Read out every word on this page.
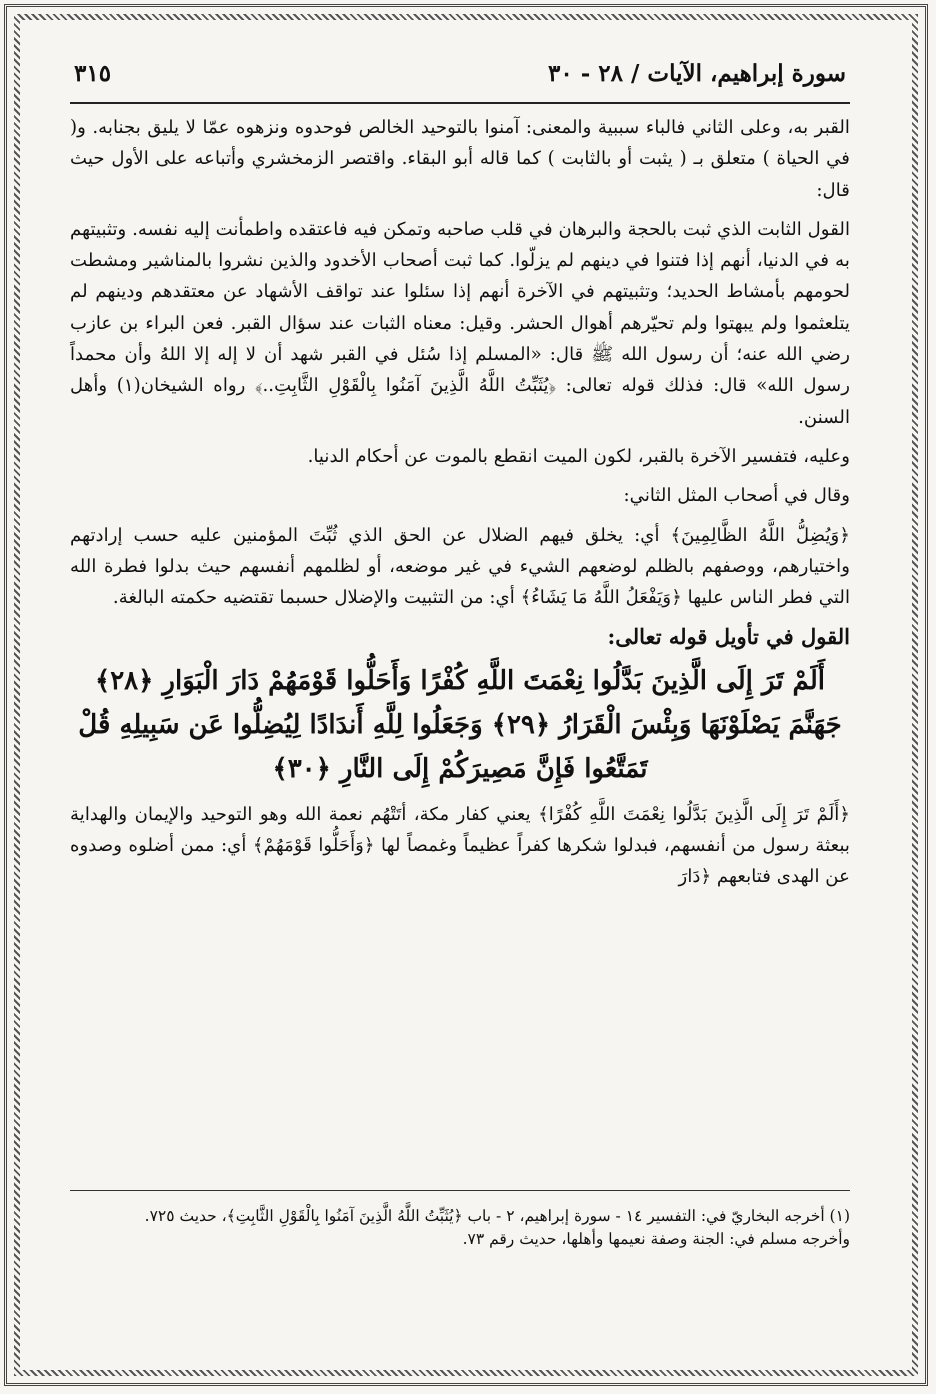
سورة إبراهيم، الآيات / ٢٨ - ٣٠
٣١٥

القبر به، وعلى الثاني فالباء سببية والمعنى: آمنوا بالتوحيد الخالص فوحدوه ونزهوه عمّا لا يليق بجنابه. و( في الحياة ) متعلق بـ ( يثبت أو بالثابت ) كما قاله أبو البقاء. واقتصر الزمخشري وأتباعه على الأول حيث قال:

القول الثابت الذي ثبت بالحجة والبرهان في قلب صاحبه وتمكن فيه فاعتقده واطمأنت إليه نفسه. وتثبيتهم به في الدنيا، أنهم إذا فتنوا في دينهم لم يزلّوا. كما ثبت أصحاب الأخدود والذين نشروا بالمناشير ومشطت لحومهم بأمشاط الحديد؛ وتثبيتهم في الآخرة أنهم إذا سئلوا عند تواقف الأشهاد عن معتقدهم ودينهم لم يتلعثموا ولم يبهتوا ولم تحيّرهم أهوال الحشر. وقيل: معناه الثبات عند سؤال القبر. فعن البراء بن عازب رضي الله عنه؛ أن رسول الله ﷺ قال: «المسلم إذا سُئل في القبر شهد أن لا إله إلا اللهُ وأن محمداً رسول الله» قال: فذلك قوله تعالى: ﴿يُثَبِّتُ اللَّهُ الَّذِينَ آمَنُوا بِالْقَوْلِ الثَّابِتِ..﴾ رواه الشيخان(١) وأهل السنن.

وعليه، فتفسير الآخرة بالقبر، لكون الميت انقطع بالموت عن أحكام الدنيا.

وقال في أصحاب المثل الثاني:

﴿وَيُضِلُّ اللَّهُ الظَّالِمِينَ﴾ أي: يخلق فيهم الضلال عن الحق الذي ثُبِّتَ المؤمنين عليه حسب إرادتهم واختيارهم، ووصفهم بالظلم لوضعهم الشيء في غير موضعه، أو لظلمهم أنفسهم حيث بدلوا فطرة الله التي فطر الناس عليها ﴿وَيَفْعَلُ اللَّهُ مَا يَشَاءُ﴾ أي: من التثبيت والإضلال حسبما تقتضيه حكمته البالغة.

القول في تأويل قوله تعالى:
أَلَمْ تَرَ إِلَى الَّذِينَ بَدَّلُوا نِعْمَتَ اللَّهِ كُفْرًا وَأَحَلُّوا قَوْمَهُمْ دَارَ الْبَوَارِ ﴿٢٨﴾ جَهَنَّمَ يَصْلَوْنَهَا وَبِئْسَ الْقَرَارُ ﴿٢٩﴾ وَجَعَلُوا لِلَّهِ أَندَادًا لِيُضِلُّوا عَن سَبِيلِهِ قُلْ تَمَتَّعُوا فَإِنَّ مَصِيرَكُمْ إِلَى النَّارِ ﴿٣٠﴾

﴿أَلَمْ تَرَ إِلَى الَّذِينَ بَدَّلُوا نِعْمَتَ اللَّهِ كُفْرًا﴾ يعني كفار مكة، أتَتْهُم نعمة الله وهو التوحيد والإيمان والهداية ببعثة رسول من أنفسهم، فبدلوا شكرها كفراً عظيماً وغمصاً لها ﴿وَأَحَلُّوا قَوْمَهُمْ﴾ أي: ممن أضلوه وصدوه عن الهدى فتابعهم ﴿دَارَ

(١) أخرجه البخاريّ في: التفسير ١٤ - سورة إبراهيم، ٢ - باب ﴿يُثَبِّتُ اللَّهُ الَّذِينَ آمَنُوا بِالْقَوْلِ الثَّابِتِ﴾، حديث ٧٢٥.

وأخرجه مسلم في: الجنة وصفة نعيمها وأهلها، حديث رقم ٧٣.
